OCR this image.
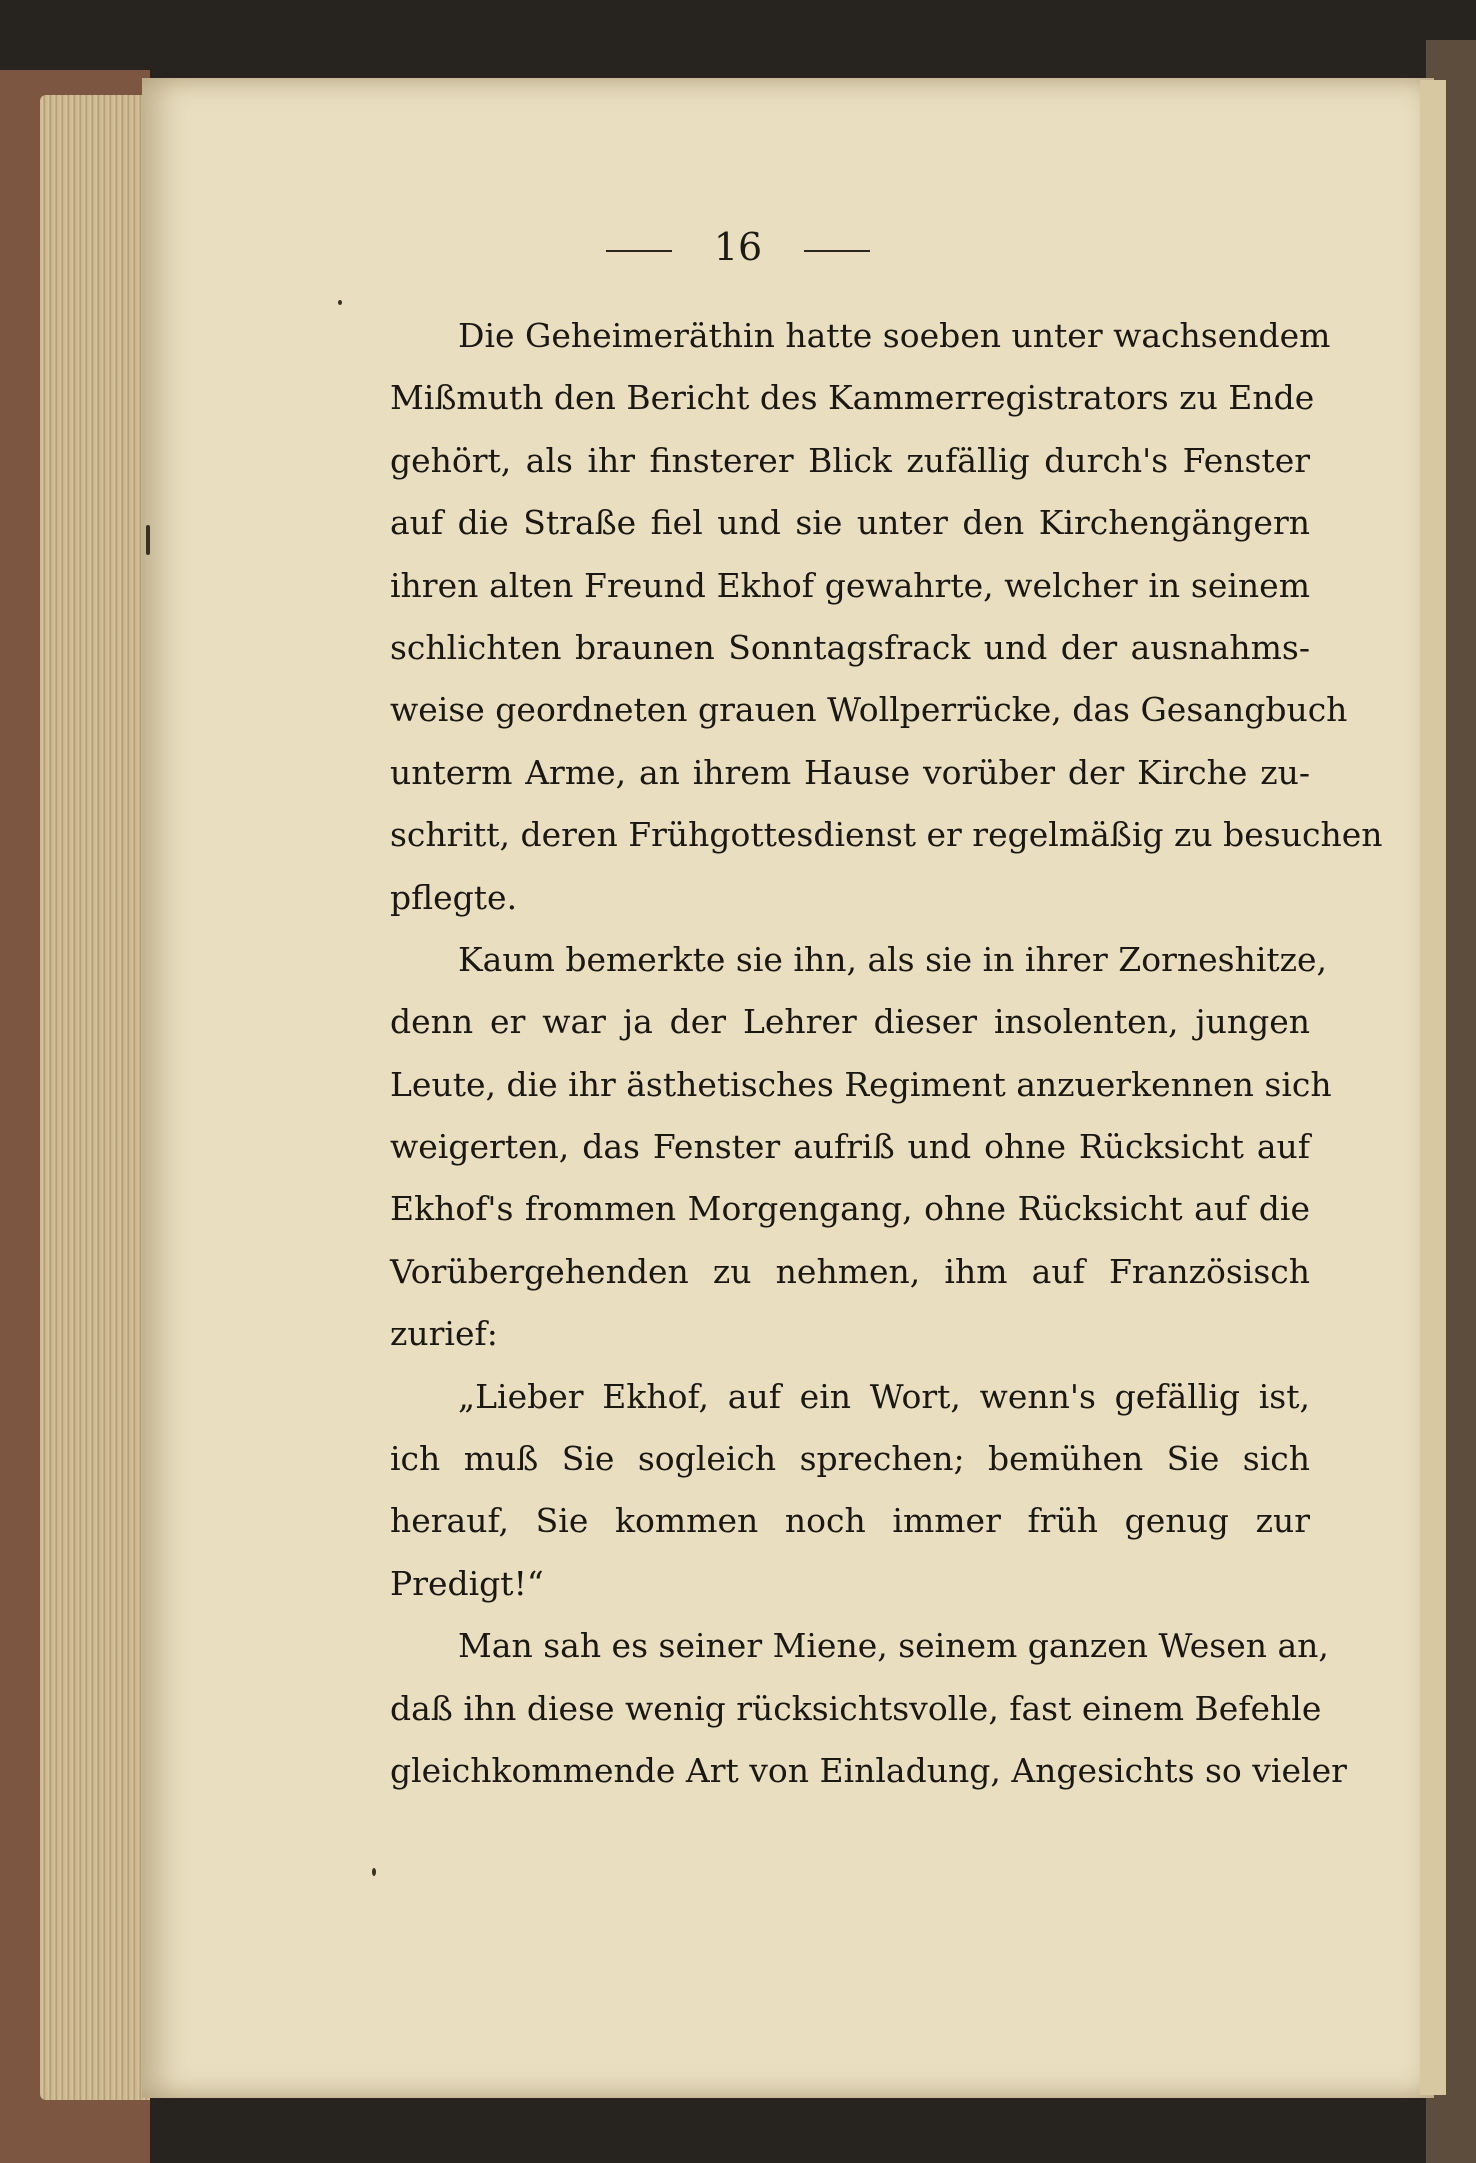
16
Die Geheimeräthin hatte soeben unter wachsendem
Mißmuth den Bericht des Kammerregistrators zu Ende
gehört, als ihr finsterer Blick zufällig durch's Fenster
auf die Straße fiel und sie unter den Kirchengängern
ihren alten Freund Ekhof gewahrte, welcher in seinem
schlichten braunen Sonntagsfrack und der ausnahms-
weise geordneten grauen Wollperrücke, das Gesangbuch
unterm Arme, an ihrem Hause vorüber der Kirche zu-
schritt, deren Frühgottesdienst er regelmäßig zu besuchen
pflegte.
Kaum bemerkte sie ihn, als sie in ihrer Zorneshitze,
denn er war ja der Lehrer dieser insolenten, jungen
Leute, die ihr ästhetisches Regiment anzuerkennen sich
weigerten, das Fenster aufriß und ohne Rücksicht auf
Ekhof's frommen Morgengang, ohne Rücksicht auf die
Vorübergehenden zu nehmen, ihm auf Französisch
zurief:
„Lieber Ekhof, auf ein Wort, wenn's gefällig ist,
ich muß Sie sogleich sprechen; bemühen Sie sich
herauf, Sie kommen noch immer früh genug zur
Predigt!“
Man sah es seiner Miene, seinem ganzen Wesen an,
daß ihn diese wenig rücksichtsvolle, fast einem Befehle
gleichkommende Art von Einladung, Angesichts so vieler
